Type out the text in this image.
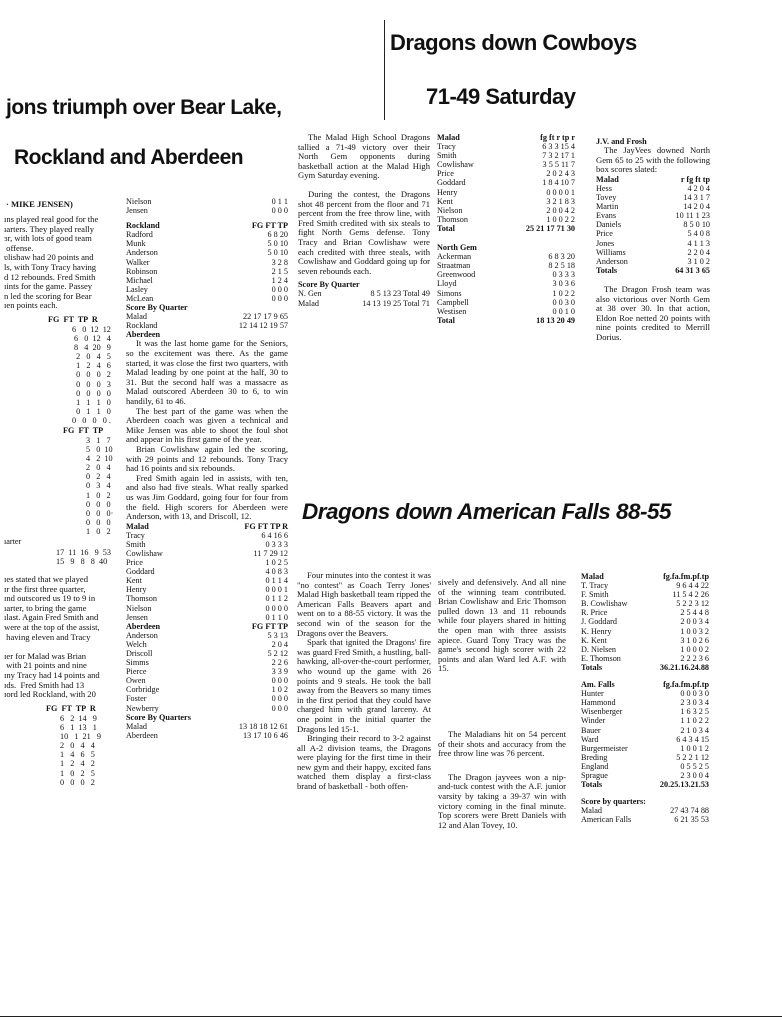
jons triumph over Bear Lake,
Rockland and Aberdeen
· MIKE JENSEN)
ıns played real good for the
ıarters. They played really
ɜr, with lots of good team
offense.
ʋlishaw had 20 points and
ls, with Tony Tracy having
d 12 rebounds. Fred Smith
ɪints for the game. Passey
n led the scoring for Bear
ɪen points each.
FG  FT  TP  R
6   0  12  12
6   0  12   4
8   4  20   9
2   0   4   5
1   2   4   6
0   0   0   2
0   0   0   3
0   0   0   0
1   1   1   0
0   1   1   0
0   0   0   0 .
FG  FT  TP
3   1   7
5   0  10
4   2  10
2   0   4
0   2   4
0   3   4
1   0   2
0   0   0
0   0   0·
0   0   0
1   0   2
ıarter
17  11  16   9  53
15   9   8   8  40
ɪes stated that we played
ɪr the first three quarter,
ɪnd outscored us 19 to 9 in
ıarter, to bring the game
ılast. Again Fred Smith and
were at the top of the assist,
having eleven and Tracy

ɪer for Malad was Brian
with 21 points and nine
ɪny Tracy had 14 points and
ɪds.  Fred Smith had 13
ɪord led Rockland, with 20
FG  FT  TP  R
6   2  14   9
6   1  13   1
10   1  21   9
2   0   4   4
1   4   6   5
1   2   4   2
1   0   2   5
0   0   0   2
Nielson	0 1 1
Jensen	0 0 0
Rockland	FG FT TP
Radford	6 8 20
Munk	5 0 10
Anderson	5 0 10
Walker	3 2 8
Robinson	2 1 5
Michael	1 2 4
Lasley	0 0 0
McLean	0 0 0
Score By Quarter
Malad	22 17 17 9 65
Rockland	12 14 12 19 57
Aberdeen
It was the last home game for the Seniors, so the excitement was there. As the game started, it was close the first two quarters, with Malad leading by one point at the half, 30 to 31. But the second half was a massacre as Malad outscored Aberdeen 30 to 6, to win handily, 61 to 46.
The best part of the game was when the Aberdeen coach was given a technical and Mike Jensen was able to shoot the foul shot and appear in his first game of the year.
Brian Cowlishaw again led the scoring, with 29 points and 12 rebounds. Tony Tracy had 16 points and six rebounds.
Fred Smith again led in assists, with ten, and also had five steals. What really sparked us was Jim Goddard, going four for four from the field. High scorers for Aberdeen were Anderson, with 13, and Driscoll, 12.
Malad	FG FT TP R
Tracy	6 4 16 6
Smith	0 3 3 3
Cowlishaw	11 7 29 12
Price	1 0 2 5
Goddard	4 0 8 3
Kent	0 1 1 4
Henry	0 0 0 1
Thomson	0 1 1 2
Nielson	0 0 0 0
Jensen	0 1 1 0
Aberdeen	FG FT TP
Anderson	5 3 13
Welch	2 0 4
Driscoll	5 2 12
Simms	2 2 6
Pierce	3 3 9
Owen	0 0 0
Corbridge	1 0 2
Foster	0 0 0
Newberry	0 0 0
Score By Quarters
Malad	13 18 18 12 61
Aberdeen	13 17 10 6 46
Dragons down Cowboys
71-49 Saturday
The Malad High School Dragons tallied a 71-49 victory over their North Gem opponents during basketball action at the Malad High Gym Saturday evening.
During the contest, the Dragons shot 48 percent from the floor and 71 percent from the free throw line, with Fred Smith credited with six steals to fight North Gems defense. Tony Tracy and Brian Cowlishaw were each credited with three steals, with Cowlishaw and Goddard going up for seven rebounds each.
Score By Quarter
N. Gen	8 5 13 23 Total 49
Malad	14 13 19 25 Total 71
Malad	fg ft r tp r
Tracy	6 3 3 15 4
Smith	7 3 2 17 1
Cowlishaw	3 5 5 11 7
Price	2 0 2 4 3
Goddard	1 8 4 10 7
Henry	0 0 0 0 1
Kent	3 2 1 8 3
Nielson	2 0 0 4 2
Thomson	1 0 0 2 2
Total	25 21 17 71 30
North Gem
Ackerman	6 8 3 20
Straatman	8 2 5 18
Greenwood	0 3 3 3
Lloyd	3 0 3 6
Simons	1 0 2 2
Campbell	0 0 3 0
Westisen	0 0 1 0
Total	18 13 20 49
J.V. and Frosh
The JayVees downed North Gem 65 to 25 with the following box scores slated:
Malad	r fg ft tp
Hess	4 2 0 4
Tovey	14 3 1 7
Martin	14 2 0 4
Evans	10 11 1 23
Daniels	8 5 0 10
Price	5 4 0 8
Jones	4 1 1 3
Williams	2 2 0 4
Anderson	3 1 0 2
Totals	64 31 3 65
The Dragon Frosh team was also victorious over North Gem at 38 over 30. In that action, Eldon Roe netted 20 points with nine points credited to Merrill Dorius.
Dragons down American Falls 88-55
Four minutes into the contest it was "no contest" as Coach Terry Jones' Malad High basketball team ripped the American Falls Beavers apart and went on to a 88-55 victory. It was the second win of the season for the Dragons over the Beavers.
Spark that ignited the Dragons' fire was guard Fred Smith, a hustling, ball-hawking, all-over-the-court performer, who wound up the game with 26 points and 9 steals. He took the ball away from the Beavers so many times in the first period that they could have charged him with grand larceny. At one point in the initial quarter the Dragons led 15-1.
Bringing their record to 3-2 against all A-2 division teams, the Dragons were playing for the first time in their new gym and their happy, excited fans watched them display a first-class brand of basketball - both offen-
sively and defensively. And all nine of the winning team contributed. Brian Cowlishaw and Eric Thomson pulled down 13 and 11 rebounds while four players shared in hitting the open man with three assists apiece. Guard Tony Tracy was the game's second high scorer with 22 points and alan Ward led A.F. with 15.
The Maladians hit on 54 percent of their shots and accuracy from the free throw line was 76 percent.
The Dragon jayvees won a nip-and-tuck contest with the A.F. junior varsity by taking a 39-37 win with victory coming in the final minute. Top scorers were Brett Daniels with 12 and Alan Tovey, 10.
Malad	fg.fa.fm.pf.tp
T. Tracy	9 6 4 4 22
F. Smith	11 5 4 2 26
B. Cowlishaw	5 2 2 3 12
R. Price	2 5 4 4 8
J. Goddard	2 0 0 3 4
K. Henry	1 0 0 3 2
K. Kent	3 1 0 2 6
D. Nielsen	1 0 0 0 2
E. Thomson	2 2 2 3 6
Totals	36.21.16.24.88
Am. Falls	fg.fa.fm.pf.tp
Hunter	0 0 0 3 0
Hammond	2 3 0 3 4
Wisenberger	1 6 3 2 5
Winder	1 1 0 2 2
Bauer	2 1 0 3 4
Ward	6 4 3 4 15
Burgermeister	1 0 0 1 2
Breding	5 2 2 1 12
England	0 5 5 2 5
Sprague	2 3 0 0 4
Totals	20.25.13.21.53
Score by quarters:
Malad	27 43 74 88
American Falls	6 21 35 53
